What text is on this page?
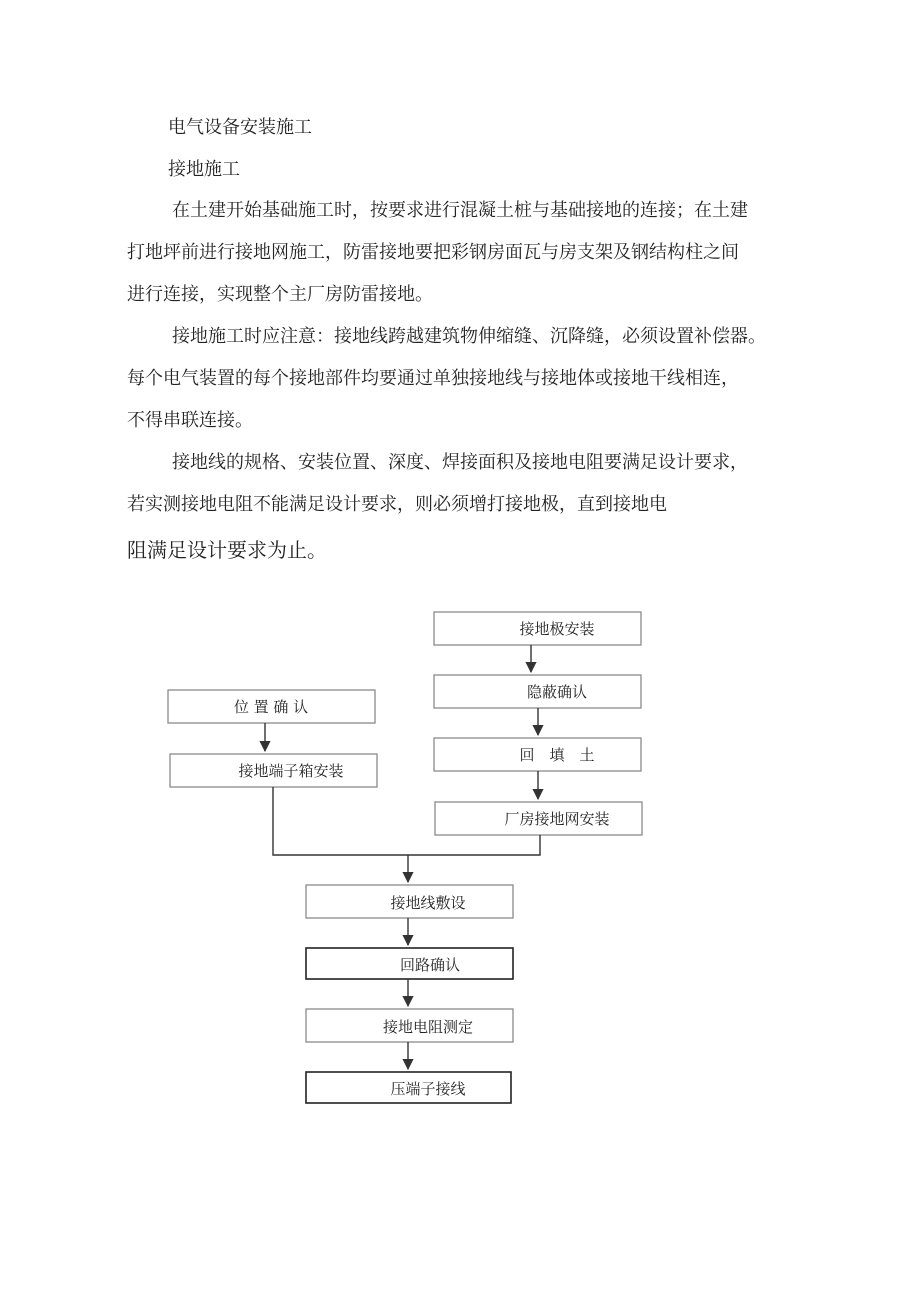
电气设备安装施工
接地施工
在土建开始基础施工时，按要求进行混凝土桩与基础接地的连接；在土建
打地坪前进行接地网施工，防雷接地要把彩钢房面瓦与房支架及钢结构柱之间
进行连接，实现整个主厂房防雷接地。
接地施工时应注意：接地线跨越建筑物伸缩缝、沉降缝，必须设置补偿器。
每个电气装置的每个接地部件均要通过单独接地线与接地体或接地干线相连，
不得串联连接。
接地线的规格、安装位置、深度、焊接面积及接地电阻要满足设计要求，
若实测接地电阻不能满足设计要求，则必须增打接地极，直到接地电
阻满足设计要求为止。
位 置 确 认
接地端子箱安装
接地极安装
隐蔽确认
回　填　土
厂房接地网安装
接地线敷设
回路确认
接地电阻测定
压端子接线
